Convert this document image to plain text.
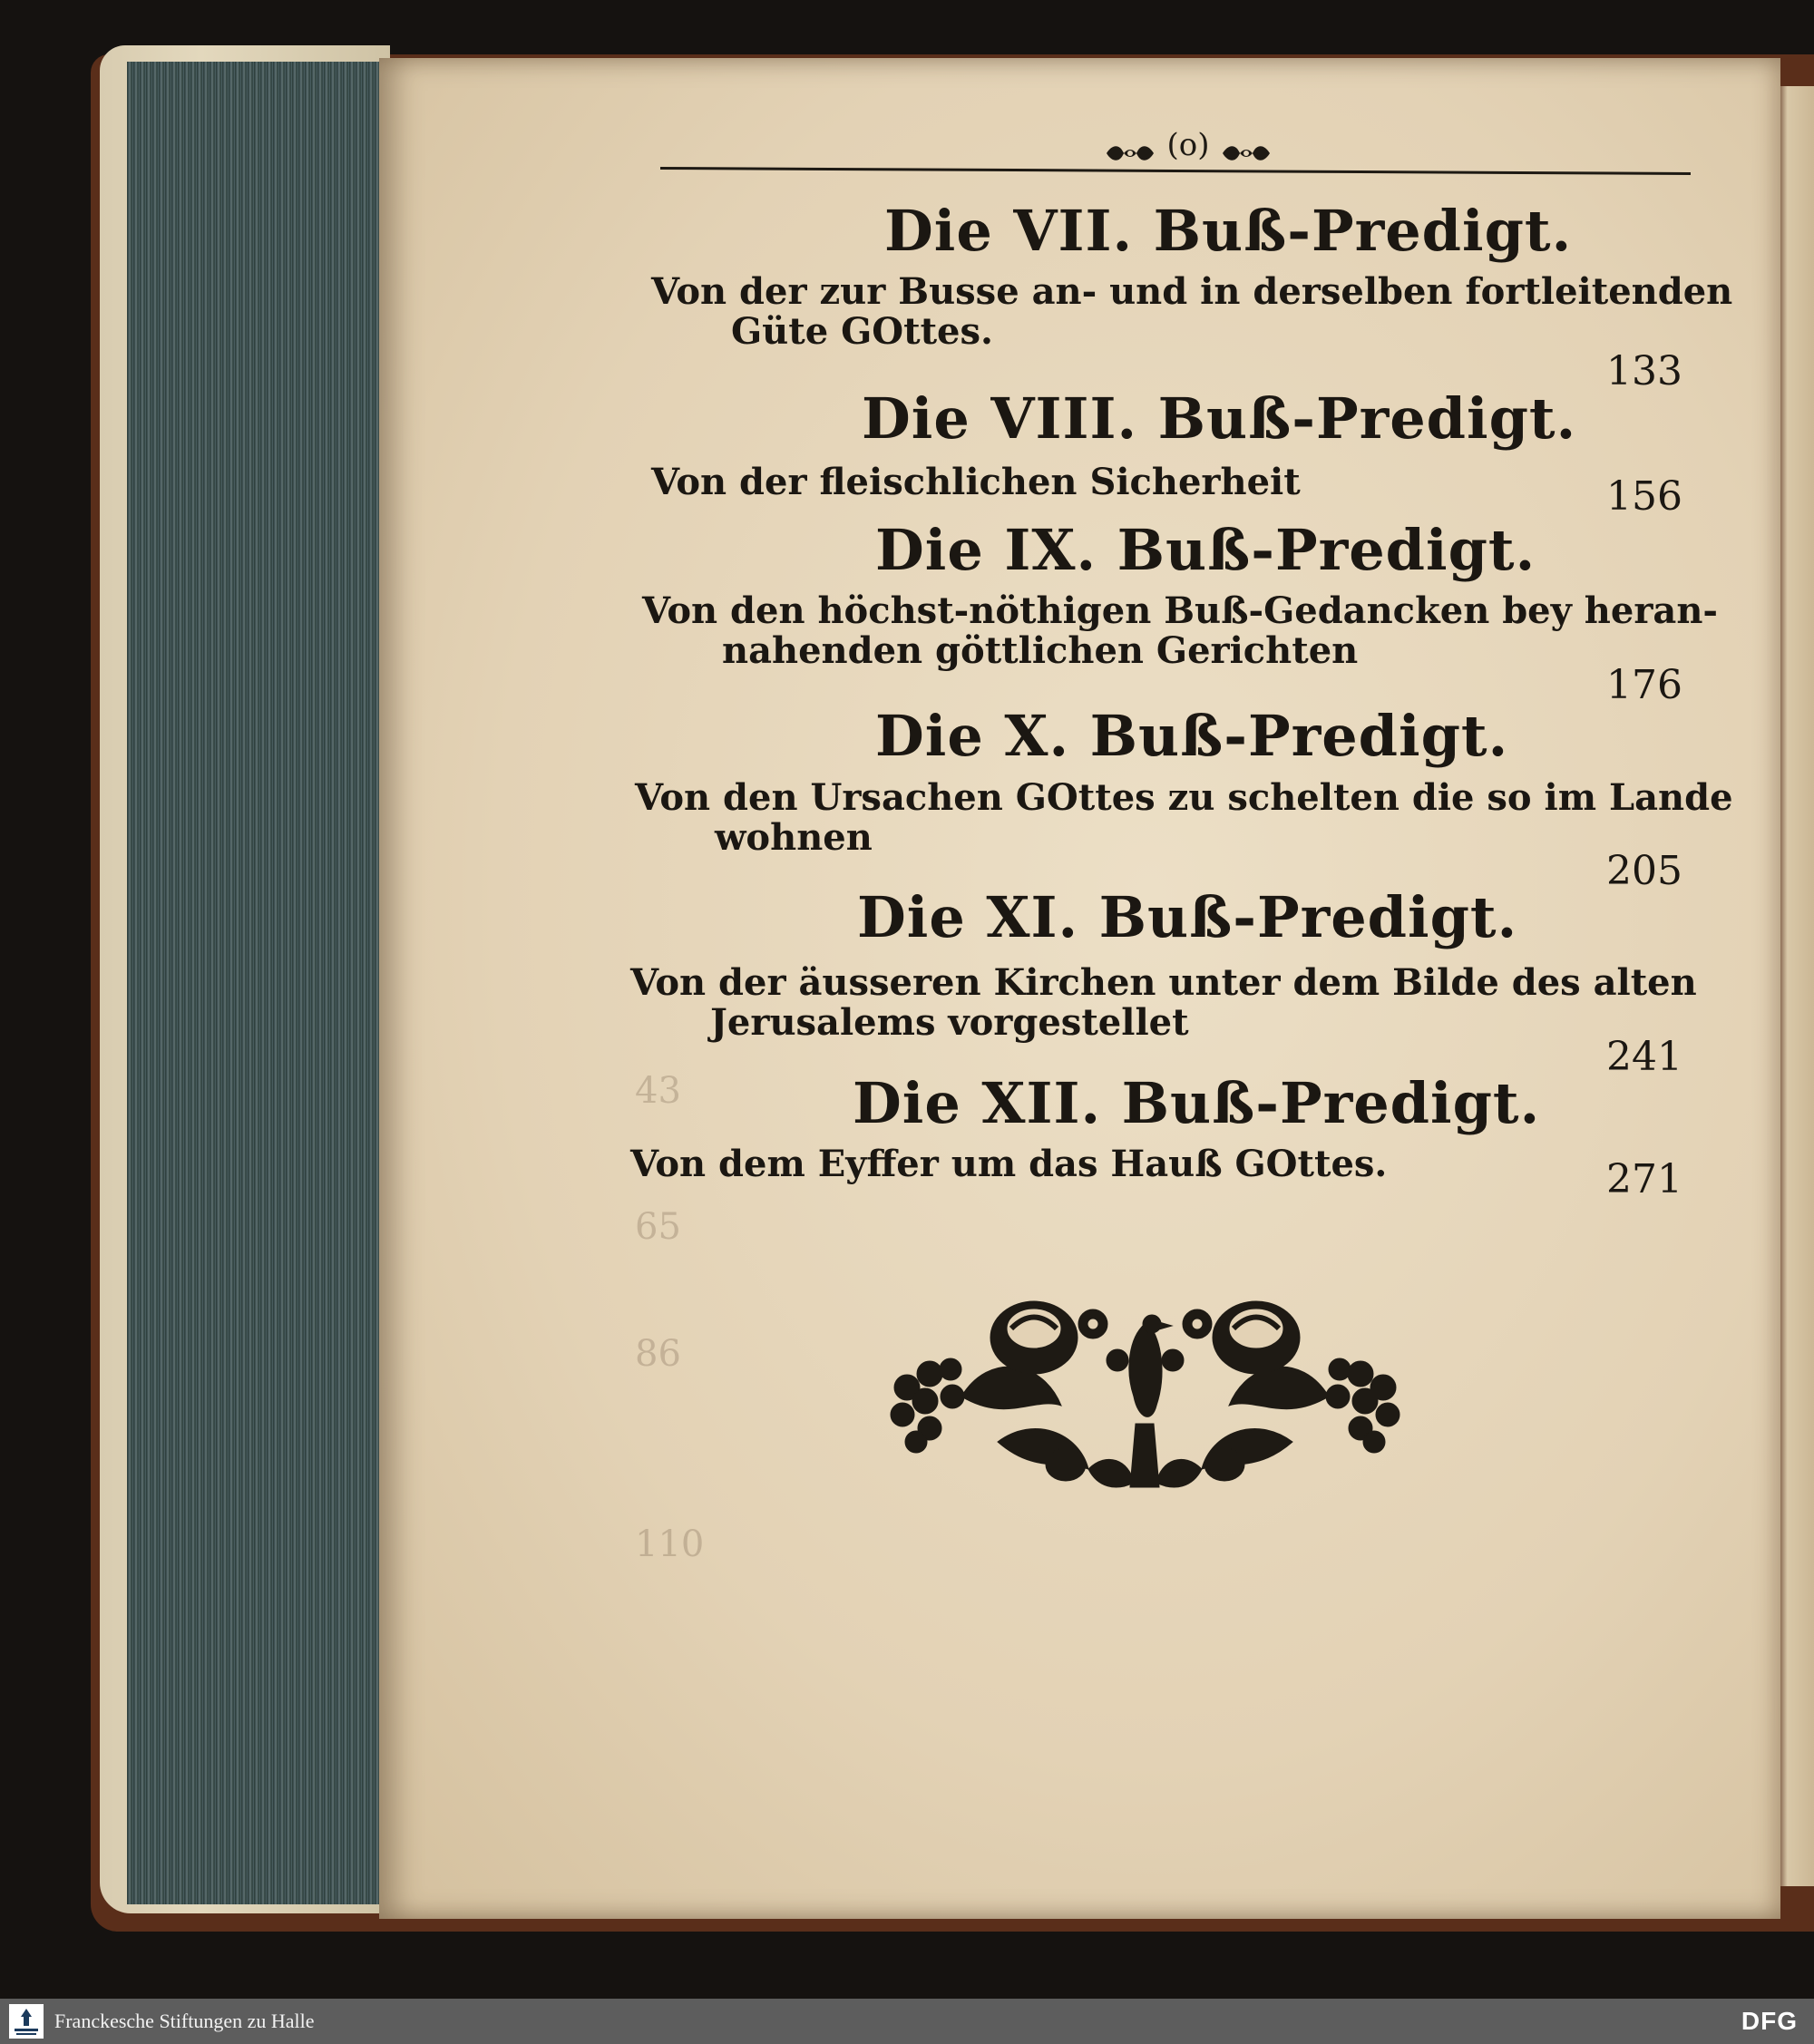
43
65
86
110
(o)
Die VII. Buß-Predigt.
Von der zur Busse an- und in derselben fortleitenden
Güte GOttes.
133
Die VIII. Buß-Predigt.
Von der fleischlichen Sicherheit	156
Die IX. Buß-Predigt.
Von den höchst-nöthigen Buß-Gedancken bey heran-
nahenden göttlichen Gerichten
176
Die X. Buß-Predigt.
Von den Ursachen GOttes zu schelten die so im Lande
wohnen
205
Die XI. Buß-Predigt.
Von der äusseren Kirchen unter dem Bilde des alten
Jerusalems vorgestellet
241
Die XII. Buß-Predigt.
Von dem Eyffer um das Hauß GOttes.	271
Franckesche Stiftungen zu Halle	DFG
